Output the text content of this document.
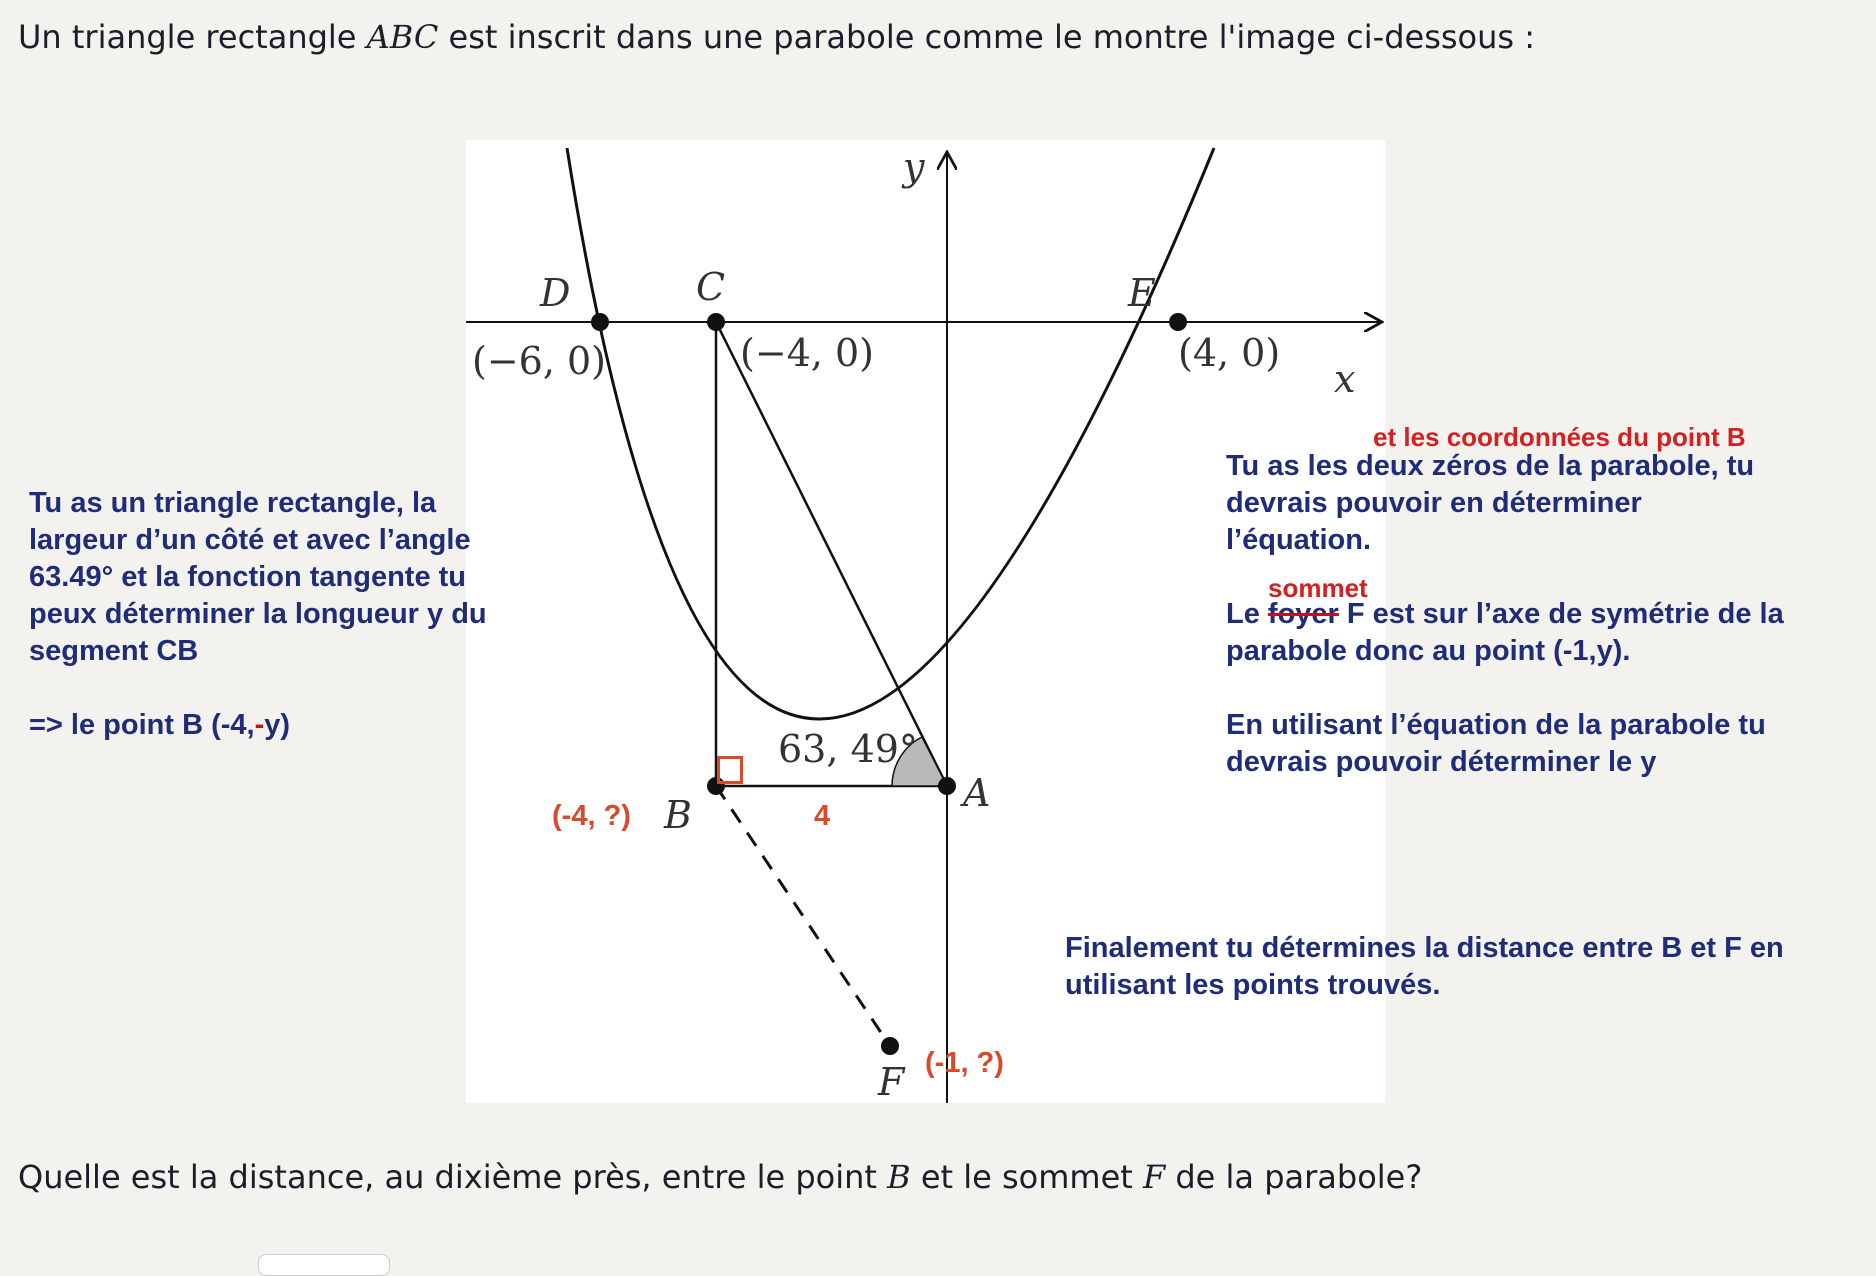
Un triangle rectangle ABC est inscrit dans une parabole comme le montre l'image ci-dessous :
y
x
D	C	E
A
B
F
(−6, 0)	(−4, 0)	(4, 0)
63, 49°
(-4, ?)	4
(-1, ?)
et les coordonnées du point B
sommet
Tu as un triangle rectangle, la
largeur d’un côté et avec l’angle
63.49° et la fonction tangente tu
peux déterminer la longueur y du
segment CB
=> le point B (-4,-y)
Tu as les deux zéros de la parabole, tu
devrais pouvoir en déterminer
l’équation.
Le foyer F est sur l’axe de symétrie de la
parabole donc au point (-1,y).
En utilisant l’équation de la parabole tu
devrais pouvoir déterminer le y
Finalement tu détermines la distance entre B et F en
utilisant les points trouvés.
Quelle est la distance, au dixième près, entre le point B et le sommet F de la parabole?
